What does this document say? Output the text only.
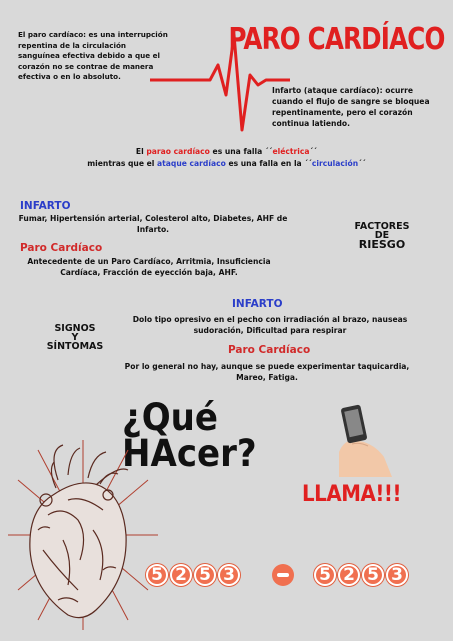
El paro cardíaco: es una interrupción repentina de la circulación sanguínea efectiva debido a que el corazón no se contrae de manera efectiva o en lo absoluto.
PARO CARDÍACO
Infarto (ataque cardíaco): ocurre cuando el flujo de sangre se bloquea repentinamente, pero el corazón continua latiendo.
El parao cardíaco es una falla ´´eléctrica´´
mientras que el ataque cardíaco es una falla en la ´´circulación´´
INFARTO
Fumar, Hipertensión arterial, Colesterol alto, Diabetes, AHF de Infarto.
Paro Cardíaco
Antecedente de un Paro Cardíaco, Arritmia, Insuficiencia Cardíaca, Fracción de eyección baja, AHF.
FACTORES
DE
RIESGO
INFARTO
Dolo tipo opresivo en el pecho con irradiación al brazo, nauseas sudoración, Dificultad para respirar
Paro Cardíaco
Por lo general no hay, aunque se puede experimentar taquicardia, Mareo, Fatiga.
SIGNOS
Y
SÍNTOMAS
¿Qué
HAcer?
LLAMA!!!
5 2 5 3	5 2 5 3
